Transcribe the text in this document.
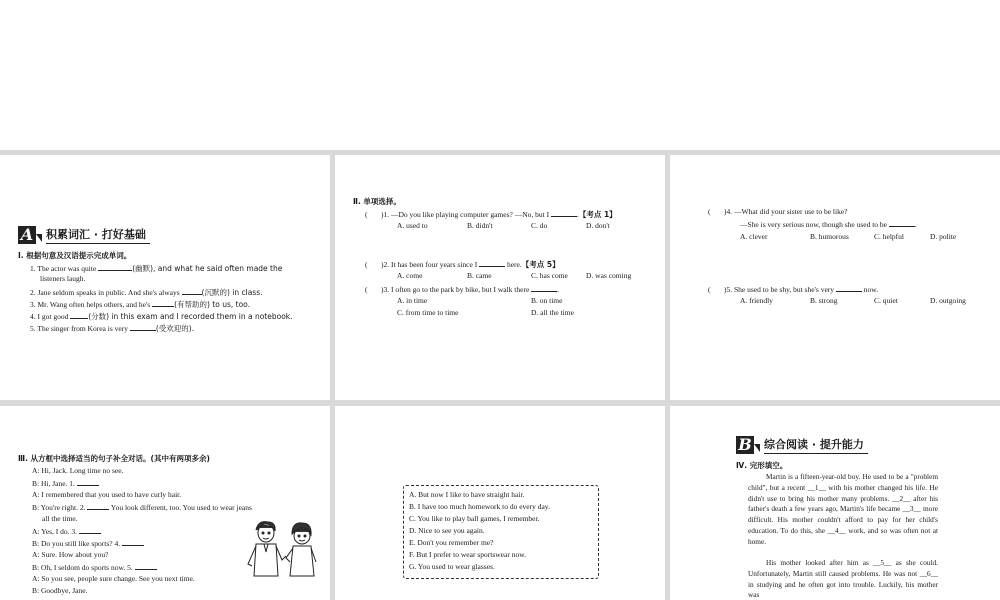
A 积累词汇 · 打好基础
Ⅰ. 根据句意及汉语提示完成单词。
1. The actor was quite	(幽默), and what he said often made the
listeners laugh.
2. Jane seldom speaks in public. And she's always	(沉默的) in class.
3. Mr. Wang often helps others, and he's	(有帮助的) to us, too.
4. I got good (分数) in this exam and I recorded them in a notebook.
5. The singer from Korea is very	(受欢迎的).
Ⅱ. 单项选择。
( )1. —Do you like playing computer games? —No, but I	.【考点 1】
A. used to	B. didn't	C. do	D. don't
( )2. It has been four years since I	here.【考点 5】
A. come	B. came	C. has come D. was coming
( )3. I often go to the park by bike, but I walk there	.
A. in time	B. on time
C. from time to time	D. all the time
( )4. —What did your sister use to be like?
—She is very serious now, though she used to be	.
A. clever	B. humorous	C. helpful	D. polite
( )5. She used to be shy, but she's very	now.
A. friendly	B. strong	C. quiet	D. outgoing
Ⅲ. 从方框中选择适当的句子补全对话。(其中有两项多余)
A: Hi, Jack. Long time no see.
B: Hi, Jane. 1.
A: I remembered that you used to have curly hair.
B: You're right. 2.	You look different, too. You used to wear jeans
all the time.
A: Yes, I do. 3.
B: Do you still like sports? 4.
A: Sure. How about you?
B: Oh, I seldom do sports now. 5.
A: So you see, people sure change. See you next time.
B: Goodbye, Jane.
A. But now I like to have straight hair.
B. I have too much homework to do every day.
C. You like to play ball games, I remember.
D. Nice to see you again.
E. Don't you remember me?
F. But I prefer to wear sportswear now.
G. You used to wear glasses.
B 综合阅读 · 提升能力
Ⅳ. 完形填空。
Martin is a fifteen-year-old boy. He used to be a "problem child", but a recent __1__ with his mother changed his life. He didn't use to bring his mother many problems. __2__ after his father's death a few years ago, Martin's life became __3__ more difficult. His mother couldn't afford to pay for her child's education. To do this, she __4__ work, and so was often not at home.
His mother looked after him as __5__ as she could. Unfortunately, Martin still caused problems. He was not __6__ in studying and he often got into trouble. Luckily, his mother was
